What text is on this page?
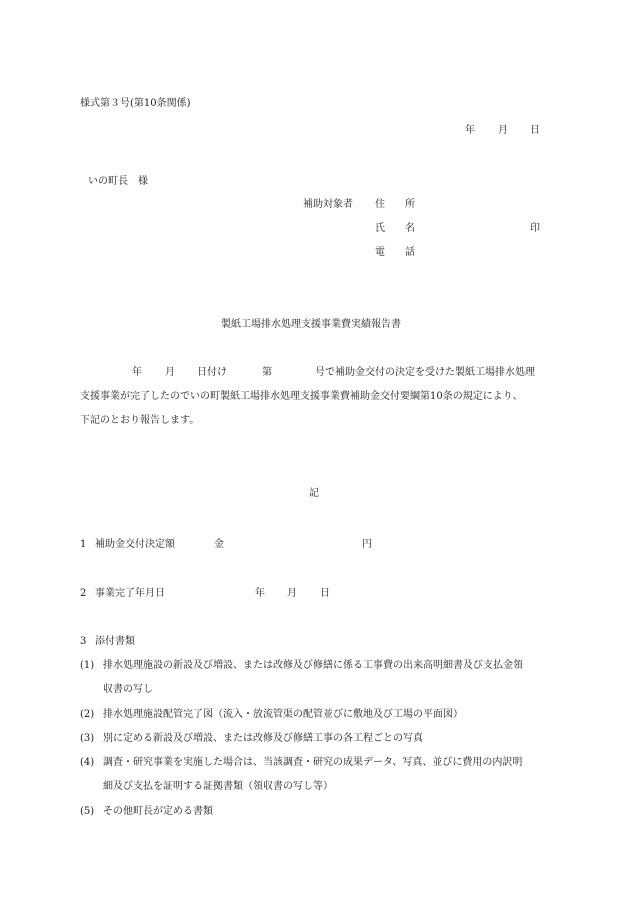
様式第３号(第10条関係)
年 月 日
いの町長　様
補助対象者 住　　所
氏　　名	印
電　　話
製紙工場排水処理支援事業費実績報告書
年 月 日付け	第	号で補助金交付の決定を受けた製紙工場排水処理
支援事業が完了したのでいの町製紙工場排水処理支援事業費補助金交付要綱第10条の規定により、
下記のとおり報告します。
記
1 補助金交付決定額	金	円
2 事業完了年月日	年 月 日
3 添付書類
(1) 排水処理施設の新設及び増設、または改修及び修繕に係る工事費の出来高明細書及び支払金領
収書の写し
(2) 排水処理施設配管完了図（流入・放流管渠の配管並びに敷地及び工場の平面図）
(3) 別に定める新設及び増設、または改修及び修繕工事の各工程ごとの写真
(4) 調査・研究事業を実施した場合は、当該調査・研究の成果データ、写真、並びに費用の内訳明
細及び支払を証明する証拠書類（領収書の写し等）
(5) その他町長が定める書類
